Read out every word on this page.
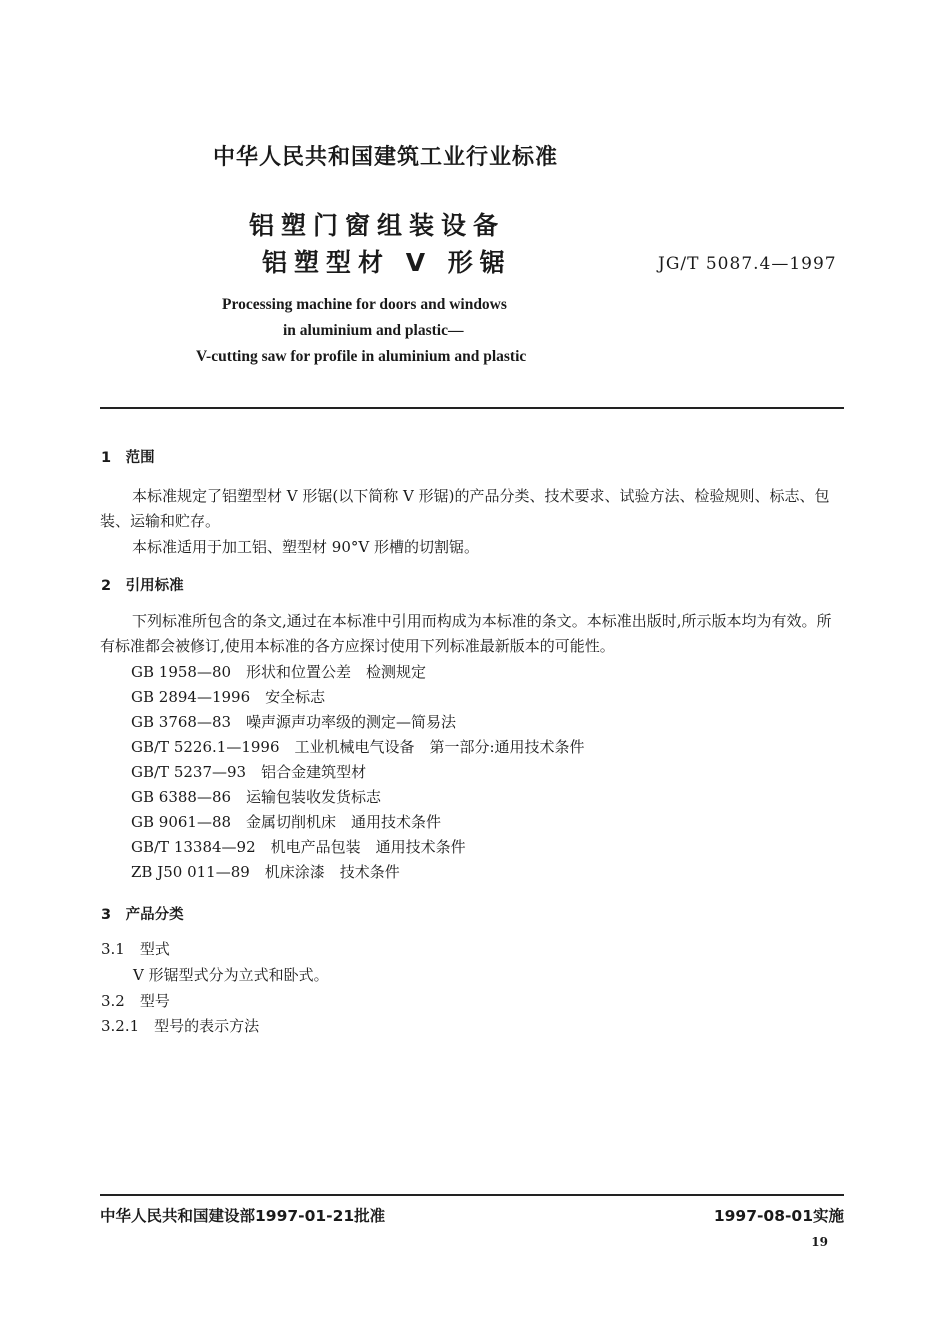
中华人民共和国建筑工业行业标准
铝塑门窗组装设备
铝塑型材 V 形锯	JG/T 5087.4—1997
Processing machine for doors and windows
in aluminium and plastic—
V-cutting saw for profile in aluminium and plastic
1　范围
本标准规定了铝塑型材 V 形锯(以下简称 V 形锯)的产品分类、技术要求、试验方法、检验规则、标志、包装、运输和贮存。
本标准适用于加工铝、塑型材 90°V 形槽的切割锯。
2　引用标准
下列标准所包含的条文,通过在本标准中引用而构成为本标准的条文。本标准出版时,所示版本均为有效。所有标准都会被修订,使用本标准的各方应探讨使用下列标准最新版本的可能性。
GB 1958—80　形状和位置公差　检测规定
GB 2894—1996　安全标志
GB 3768—83　噪声源声功率级的测定—简易法
GB/T 5226.1—1996　工业机械电气设备　第一部分:通用技术条件
GB/T 5237—93　铝合金建筑型材
GB 6388—86　运输包装收发货标志
GB 9061—88　金属切削机床　通用技术条件
GB/T 13384—92　机电产品包装　通用技术条件
ZB J50 011—89　机床涂漆　技术条件
3　产品分类
3.1　型式
V 形锯型式分为立式和卧式。
3.2　型号
3.2.1　型号的表示方法
中华人民共和国建设部1997-01-21批准	1997-08-01实施
19
